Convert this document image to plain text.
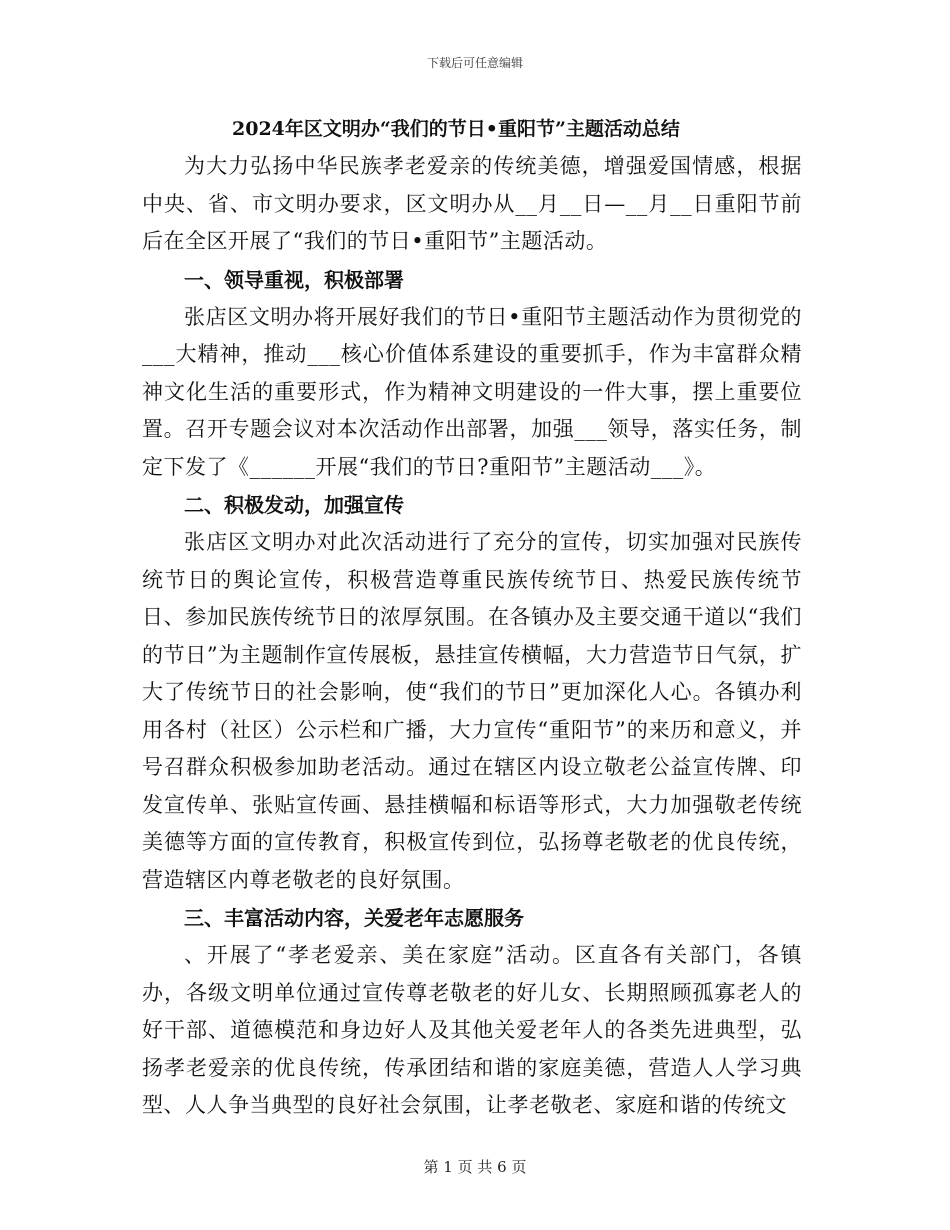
下载后可任意编辑
2024年区文明办“我们的节日•重阳节”主题活动总结

为大力弘扬中华民族孝老爱亲的传统美德，增强爱国情感，根据中央、省、市文明办要求，区文明办从__月__日—__月__日重阳节前后在全区开展了“我们的节日•重阳节”主题活动。

一、领导重视，积极部署

张店区文明办将开展好我们的节日•重阳节主题活动作为贯彻党的___大精神，推动___核心价值体系建设的重要抓手，作为丰富群众精神文化生活的重要形式，作为精神文明建设的一件大事，摆上重要位置。召开专题会议对本次活动作出部署，加强___领导，落实任务，制定下发了《______开展“我们的节日?重阳节”主题活动___》。

二、积极发动，加强宣传

张店区文明办对此次活动进行了充分的宣传，切实加强对民族传统节日的舆论宣传，积极营造尊重民族传统节日、热爱民族传统节日、参加民族传统节日的浓厚氛围。在各镇办及主要交通干道以“我们的节日”为主题制作宣传展板，悬挂宣传横幅，大力营造节日气氛，扩大了传统节日的社会影响，使“我们的节日”更加深化人心。各镇办利用各村（社区）公示栏和广播，大力宣传“重阳节”的来历和意义，并号召群众积极参加助老活动。通过在辖区内设立敬老公益宣传牌、印发宣传单、张贴宣传画、悬挂横幅和标语等形式，大力加强敬老传统美德等方面的宣传教育，积极宣传到位，弘扬尊老敬老的优良传统，营造辖区内尊老敬老的良好氛围。

三、丰富活动内容，关爱老年志愿服务

、开展了“孝老爱亲、美在家庭”活动。区直各有关部门，各镇办，各级文明单位通过宣传尊老敬老的好儿女、长期照顾孤寡老人的好干部、道德模范和身边好人及其他关爱老年人的各类先进典型，弘扬孝老爱亲的优良传统，传承团结和谐的家庭美德，营造人人学习典型、人人争当典型的良好社会氛围，让孝老敬老、家庭和谐的传统文

第 1 页 共 6 页
